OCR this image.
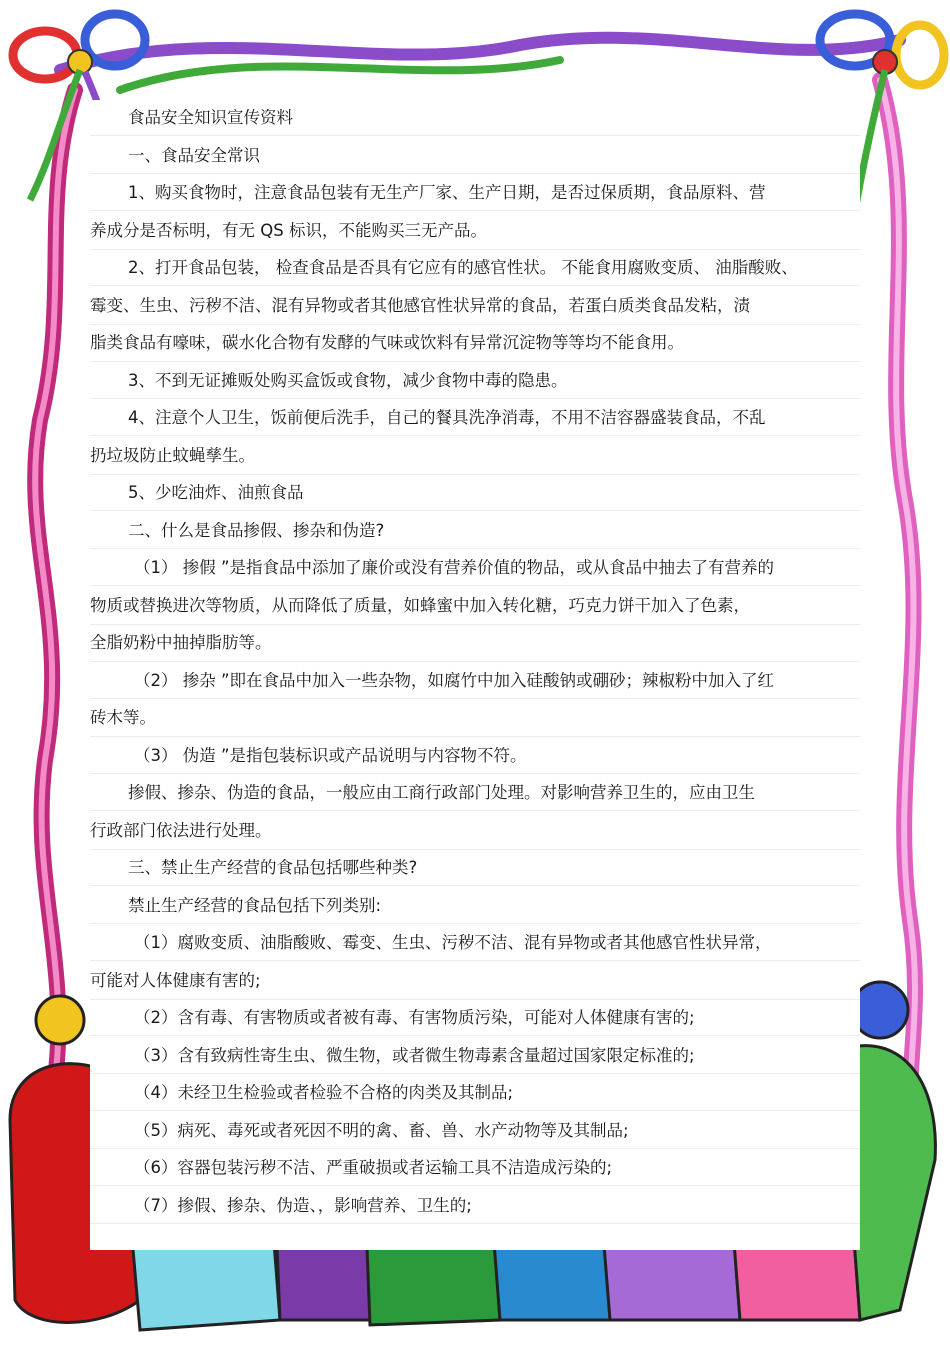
食品安全知识宣传资料
一、食品安全常识
1、购买食物时，注意食品包装有无生产厂家、生产日期，是否过保质期，食品原料、营
养成分是否标明，有无 QS 标识，不能购买三无产品。
2、打开食品包装， 检查食品是否具有它应有的感官性状。 不能食用腐败变质、 油脂酸败、
霉变、生虫、污秽不洁、混有异物或者其他感官性状异常的食品，若蛋白质类食品发粘，渍
脂类食品有嚎味，碳水化合物有发酵的气味或饮料有异常沉淀物等等均不能食用。
3、不到无证摊贩处购买盒饭或食物，减少食物中毒的隐患。
4、注意个人卫生，饭前便后洗手，自己的餐具洗净消毒，不用不洁容器盛装食品，不乱
扔垃圾防止蚊蝇孳生。
5、少吃油炸、油煎食品
二、什么是食品掺假、掺杂和伪造?
（1） 掺假 ”是指食品中添加了廉价或没有营养价值的物品，或从食品中抽去了有营养的
物质或替换进次等物质，从而降低了质量，如蜂蜜中加入转化糖，巧克力饼干加入了色素，
全脂奶粉中抽掉脂肪等。
（2） 掺杂 ”即在食品中加入一些杂物，如腐竹中加入硅酸钠或硼砂；辣椒粉中加入了红
砖木等。
（3） 伪造 ”是指包装标识或产品说明与内容物不符。
掺假、掺杂、伪造的食品，一般应由工商行政部门处理。对影响营养卫生的，应由卫生
行政部门依法进行处理。
三、禁止生产经营的食品包括哪些种类?
禁止生产经营的食品包括下列类别:
（1）腐败变质、油脂酸败、霉变、生虫、污秽不洁、混有异物或者其他感官性状异常，
可能对人体健康有害的;
（2）含有毒、有害物质或者被有毒、有害物质污染，可能对人体健康有害的;
（3）含有致病性寄生虫、微生物，或者微生物毒素含量超过国家限定标准的;
（4）未经卫生检验或者检验不合格的肉类及其制品;
（5）病死、毒死或者死因不明的禽、畜、兽、水产动物等及其制品;
（6）容器包装污秽不洁、严重破损或者运输工具不洁造成污染的;
（7）掺假、掺杂、伪造、，影响营养、卫生的;
